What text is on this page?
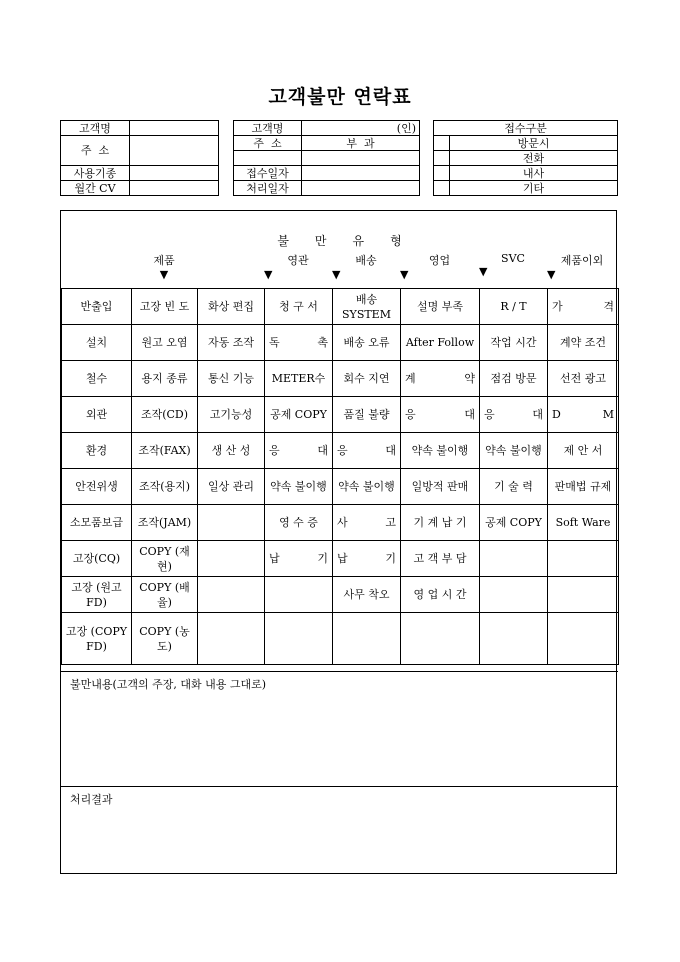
고객불만 연락표
고객명	
주  소	
사용기종	
월간 CV	
고객명	(인)
주  소	부  과

접수일자	
처리일자	
접수구분	
	방문시
	전화
	내사
	기타
불 만 유 형
제품
▼
영관
▼
배송
▼
영업
▼
SVC
▼
제품이외
▼
반출입	고장 빈 도	화상 편집	청 구 서	배송SYSTEM	설명 부족	R / T	가 격
설치	원고 오염	자동 조작	독 촉	배송 오류	After Follow	작업 시간	계약 조건
철수	용지 종류	통신 기능	METER수	회수 지연	계 약	점검 방문	선전 광고
외관	조작(CD)	고기능성	공제 COPY	품질 불량	응 대	응 대	D M
환경	조작(FAX)	생 산 성	응 대	응 대	약속 불이행	약속 불이행	제 안 서
안전위생	조작(용지)	일상 관리	약속 불이행	약속 불이행	일방적 판매	기 술 력	판매법 규제
소모품보급	조작(JAM)		영 수 증	사 고	기 계 납 기	공제 COPY	Soft Ware
고장(CQ)	COPY (재현)		납 기	납 기	고 객 부 담		
고장 (원고 FD)	COPY (배율)			사무 착오	영 업 시 간		
고장 (COPY FD)	COPY (농도)						
불만내용(고객의 주장, 대화 내용 그대로)
처리결과
